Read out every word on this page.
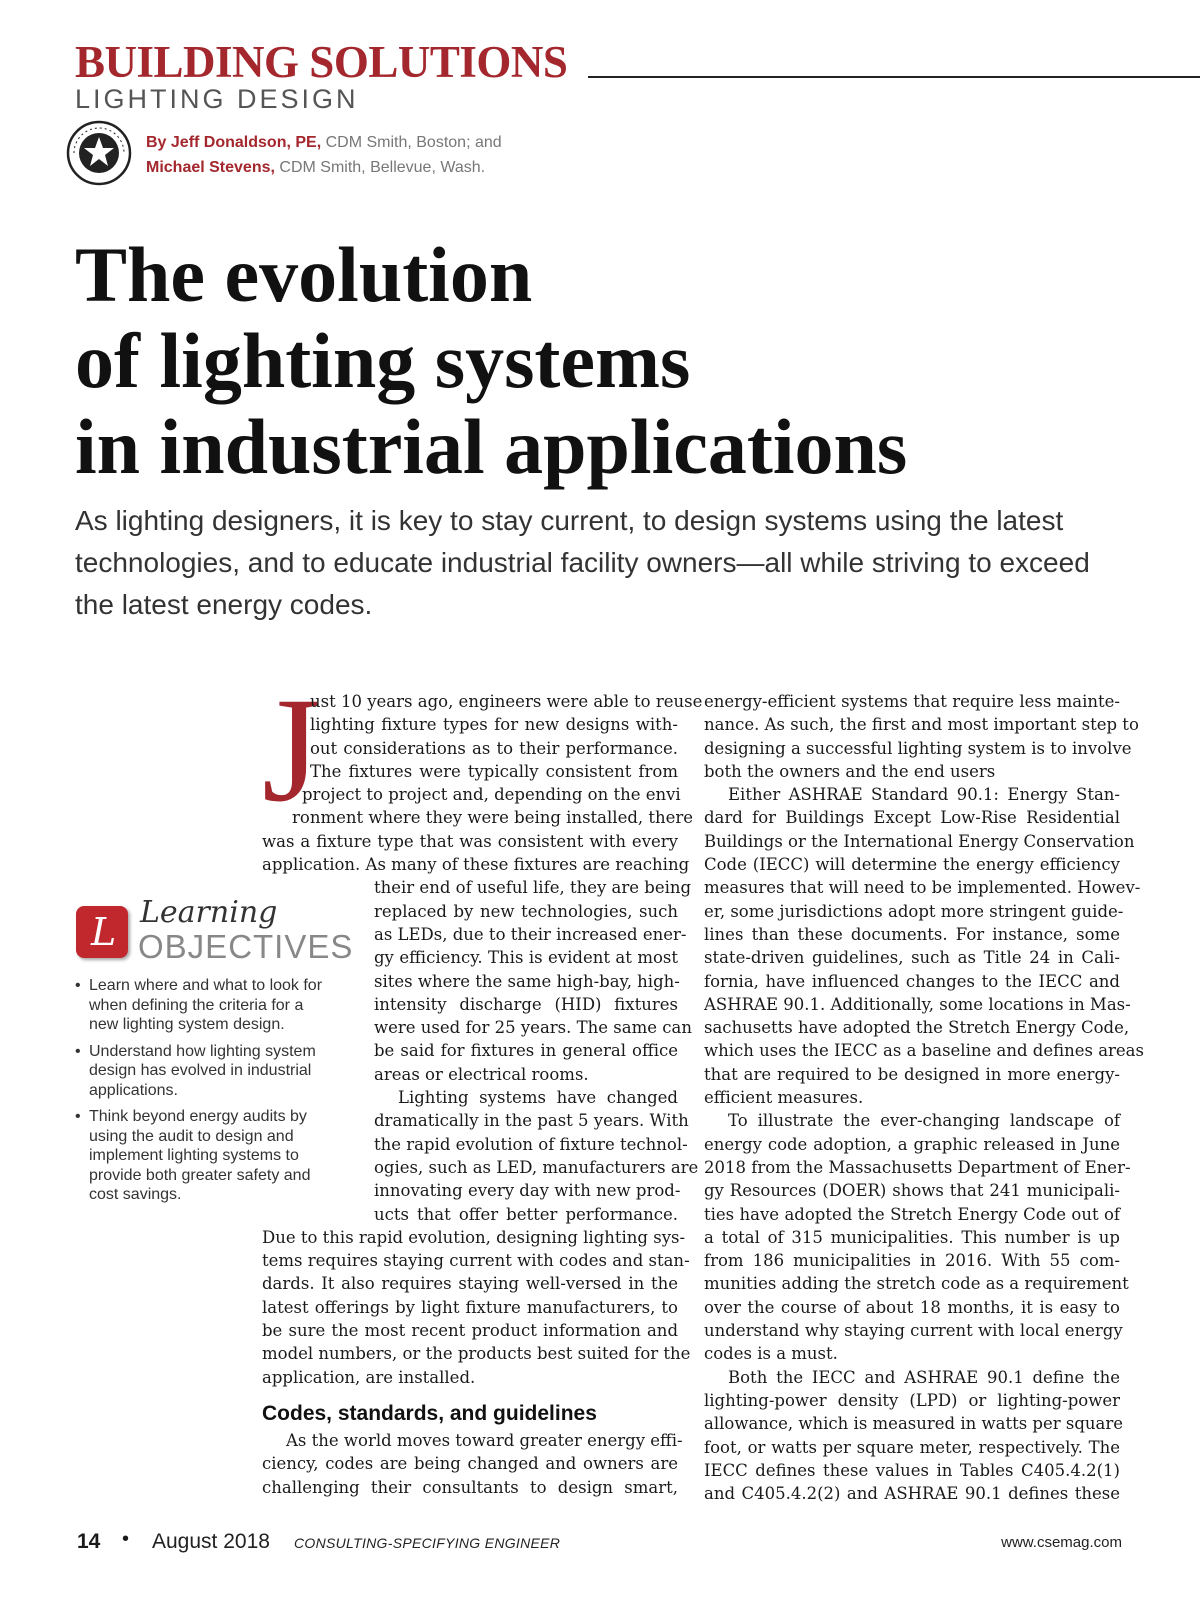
BUILDING SOLUTIONS
LIGHTING DESIGN
By Jeff Donaldson, PE, CDM Smith, Boston; and
Michael Stevens, CDM Smith, Bellevue, Wash.
The evolution
of lighting systems
in industrial applications
As lighting designers, it is key to stay current, to design systems using the latest technologies, and to educate industrial facility owners—all while striving to exceed the latest energy codes.
L Learning
OBJECTIVES
• Learn where and what to look for when defining the criteria for a new lighting system design.
• Understand how lighting system design has evolved in industrial applications.
• Think beyond energy audits by using the audit to design and implement lighting systems to provide both greater safety and cost savings.
J
ust 10 years ago, engineers were able to reuse
lighting fixture types for new designs with-
out considerations as to their performance.
The fixtures were typically consistent from
project to project and, depending on the envi
ronment where they were being installed, there
was a fixture type that was consistent with every
application. As many of these fixtures are reaching
their end of useful life, they are being
replaced by new technologies, such
as LEDs, due to their increased ener-
gy efficiency. This is evident at most
sites where the same high-bay, high-
intensity discharge (HID) fixtures
were used for 25 years. The same can
be said for fixtures in general office
areas or electrical rooms.
Lighting systems have changed
dramatically in the past 5 years. With
the rapid evolution of fixture technol-
ogies, such as LED, manufacturers are
innovating every day with new prod-
ucts that offer better performance.
Due to this rapid evolution, designing lighting sys-
tems requires staying current with codes and stan-
dards. It also requires staying well-versed in the
latest offerings by light fixture manufacturers, to
be sure the most recent product information and
model numbers, or the products best suited for the
application, are installed.
Codes, standards, and guidelines
As the world moves toward greater energy effi-
ciency, codes are being changed and owners are
challenging their consultants to design smart,
energy-efficient systems that require less mainte-
nance. As such, the first and most important step to
designing a successful lighting system is to involve
both the owners and the end users
Either ASHRAE Standard 90.1: Energy Stan-
dard for Buildings Except Low-Rise Residential
Buildings or the International Energy Conservation
Code (IECC) will determine the energy efficiency
measures that will need to be implemented. Howev-
er, some jurisdictions adopt more stringent guide-
lines than these documents. For instance, some
state-driven guidelines, such as Title 24 in Cali-
fornia, have influenced changes to the IECC and
ASHRAE 90.1. Additionally, some locations in Mas-
sachusetts have adopted the Stretch Energy Code,
which uses the IECC as a baseline and defines areas
that are required to be designed in more energy-
efficient measures.
To illustrate the ever-changing landscape of
energy code adoption, a graphic released in June
2018 from the Massachusetts Department of Ener-
gy Resources (DOER) shows that 241 municipali-
ties have adopted the Stretch Energy Code out of
a total of 315 municipalities. This number is up
from 186 municipalities in 2016. With 55 com-
munities adding the stretch code as a requirement
over the course of about 18 months, it is easy to
understand why staying current with local energy
codes is a must.
Both the IECC and ASHRAE 90.1 define the
lighting-power density (LPD) or lighting-power
allowance, which is measured in watts per square
foot, or watts per square meter, respectively. The
IECC defines these values in Tables C405.4.2(1)
and C405.4.2(2) and ASHRAE 90.1 defines these
14 • August 2018 CONSULTING-SPECIFYING ENGINEER	www.csemag.com
